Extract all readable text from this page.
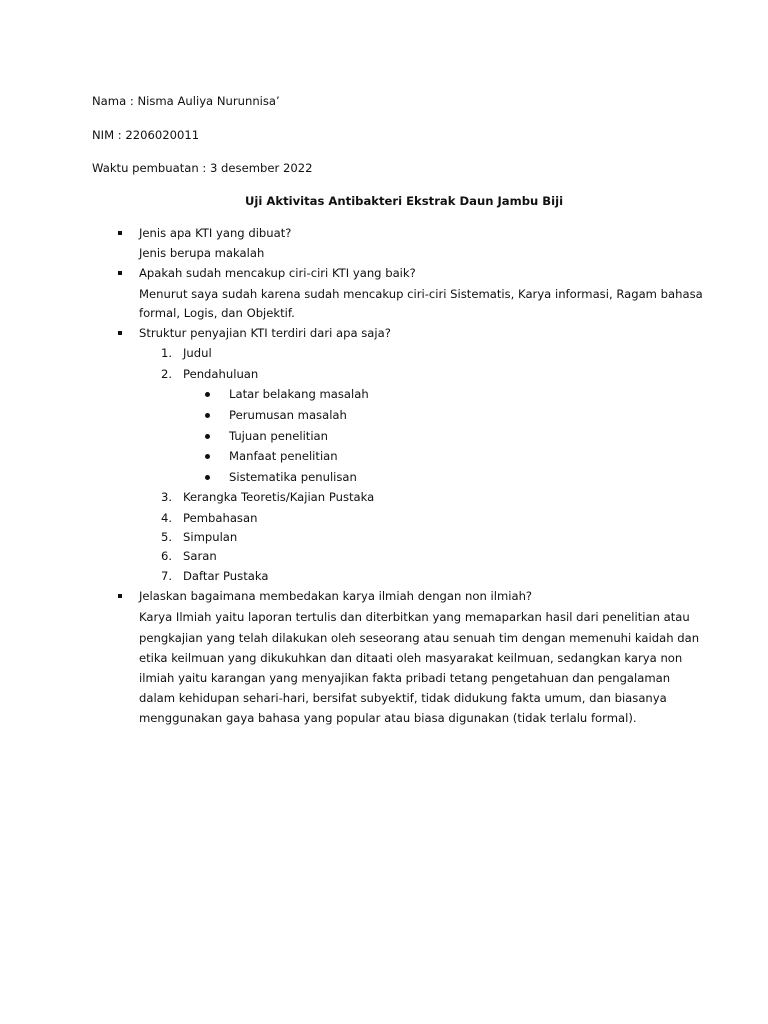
Nama : Nisma Auliya Nurunnisa’
NIM : 2206020011
Waktu pembuatan : 3 desember 2022
Uji Aktivitas Antibakteri Ekstrak Daun Jambu Biji
Jenis apa KTI yang dibuat?
Jenis berupa makalah
Apakah sudah mencakup ciri-ciri KTI yang baik?
Menurut saya sudah karena sudah mencakup ciri-ciri Sistematis, Karya informasi, Ragam bahasa
formal, Logis, dan Objektif.
Struktur penyajian KTI terdiri dari apa saja?
1. Judul
2. Pendahuluan
Latar belakang masalah
Perumusan masalah
Tujuan penelitian
Manfaat penelitian
Sistematika penulisan
3. Kerangka Teoretis/Kajian Pustaka
4. Pembahasan
5. Simpulan
6. Saran
7. Daftar Pustaka
Jelaskan bagaimana membedakan karya ilmiah dengan non ilmiah?
Karya Ilmiah yaitu laporan tertulis dan diterbitkan yang memaparkan hasil dari penelitian atau
pengkajian yang telah dilakukan oleh seseorang atau senuah tim dengan memenuhi kaidah dan
etika keilmuan yang dikukuhkan dan ditaati oleh masyarakat keilmuan, sedangkan karya non
ilmiah yaitu karangan yang menyajikan fakta pribadi tetang pengetahuan dan pengalaman
dalam kehidupan sehari-hari, bersifat subyektif, tidak didukung fakta umum, dan biasanya
menggunakan gaya bahasa yang popular atau biasa digunakan (tidak terlalu formal).
